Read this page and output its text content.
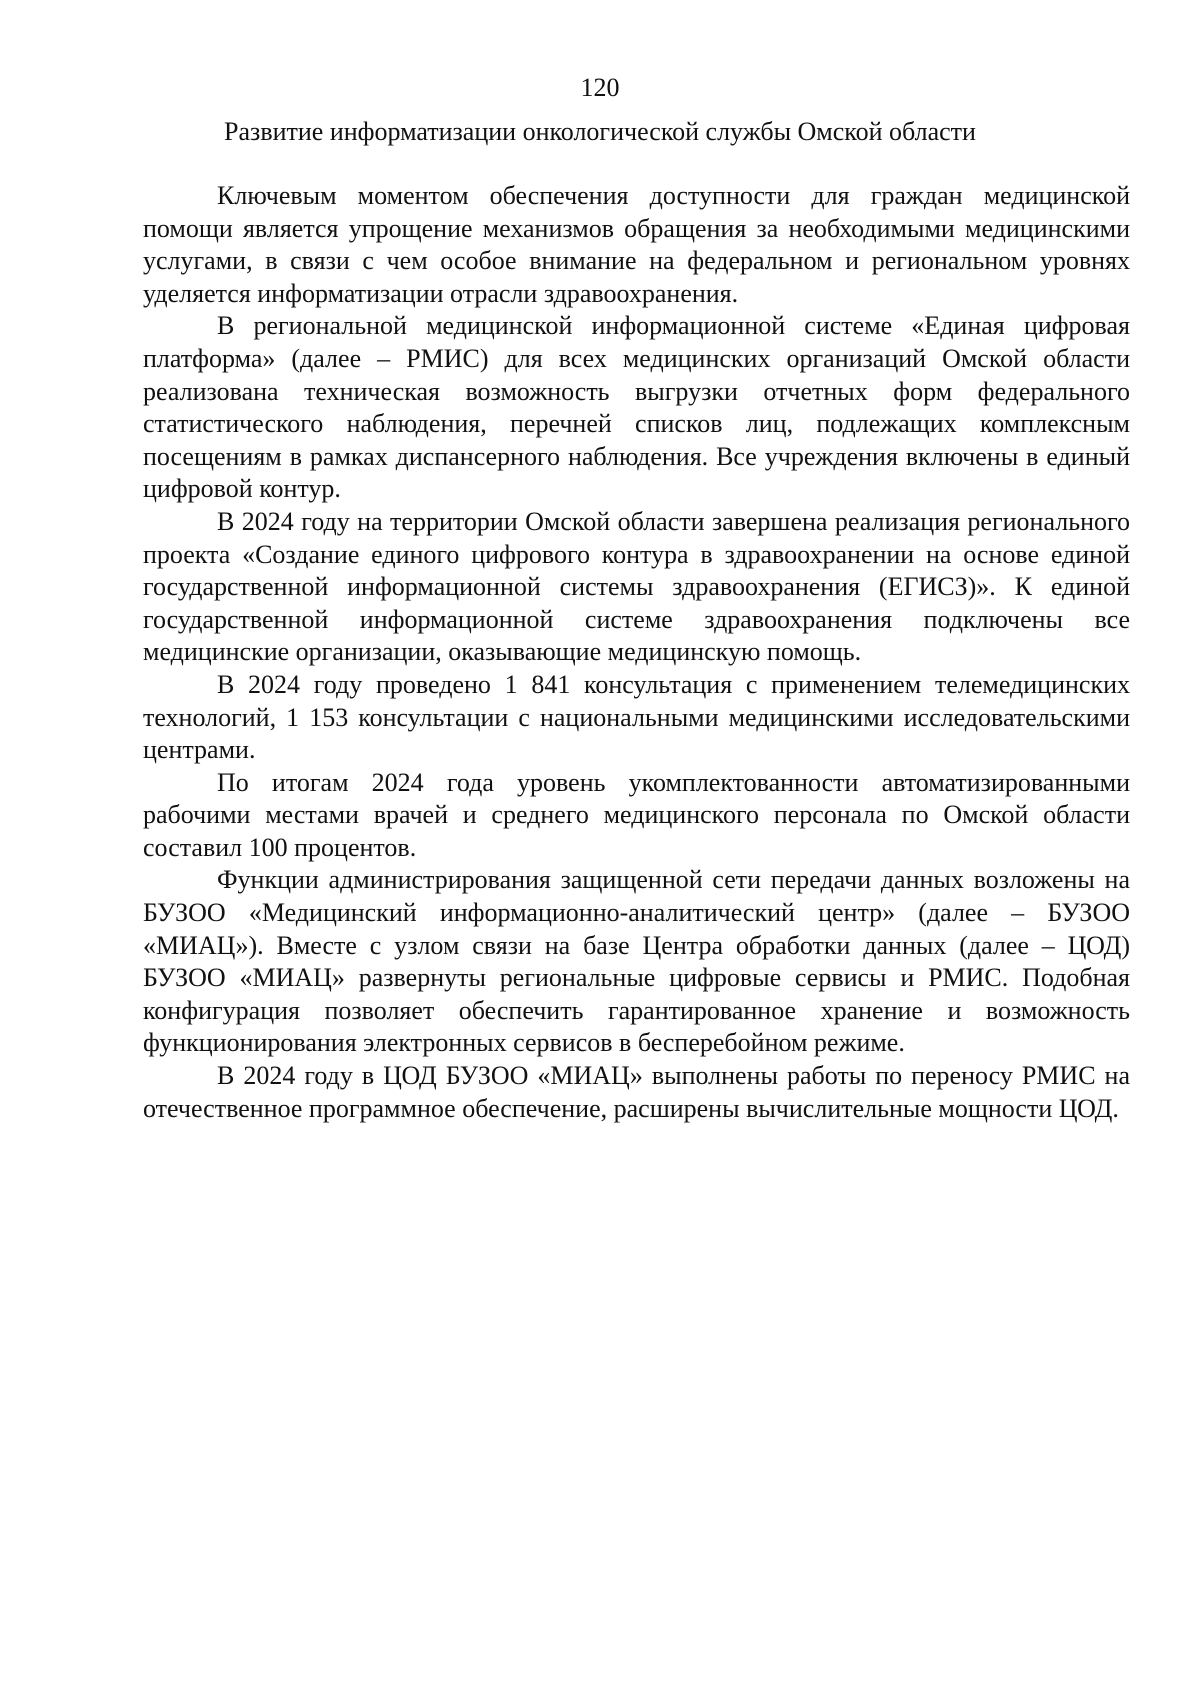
120
Развитие информатизации онкологической службы Омской области

Ключевым моментом обеспечения доступности для граждан медицинской помощи является упрощение механизмов обращения за необходимыми медицинскими услугами, в связи с чем особое внимание на федеральном и региональном уровнях уделяется информатизации отрасли здравоохранения.

В региональной медицинской информационной системе «Единая цифровая платформа» (далее – РМИС) для всех медицинских организаций Омской области реализована техническая возможность выгрузки отчетных форм федерального статистического наблюдения, перечней списков лиц, подлежащих комплексным посещениям в рамках диспансерного наблюдения. Все учреждения включены в единый цифровой контур.

В 2024 году на территории Омской области завершена реализация регионального проекта «Создание единого цифрового контура в здравоохранении на основе единой государственной информационной системы здравоохранения (ЕГИСЗ)». К единой государственной информационной системе здравоохранения подключены все медицинские организации, оказывающие медицинскую помощь.

В 2024 году проведено 1 841 консультация с применением телемедицинских технологий, 1 153 консультации с национальными медицинскими исследовательскими центрами.

По итогам 2024 года уровень укомплектованности автоматизированными рабочими местами врачей и среднего медицинского персонала по Омской области составил 100 процентов.

Функции администрирования защищенной сети передачи данных возложены на БУЗОО «Медицинский информационно-аналитический центр» (далее – БУЗОО «МИАЦ»). Вместе с узлом связи на базе Центра обработки данных (далее – ЦОД) БУЗОО «МИАЦ» развернуты региональные цифровые сервисы и РМИС. Подобная конфигурация позволяет обеспечить гарантированное хранение и возможность функционирования электронных сервисов в бесперебойном режиме.

В 2024 году в ЦОД БУЗОО «МИАЦ» выполнены работы по переносу РМИС на отечественное программное обеспечение, расширены вычислительные мощности ЦОД.
